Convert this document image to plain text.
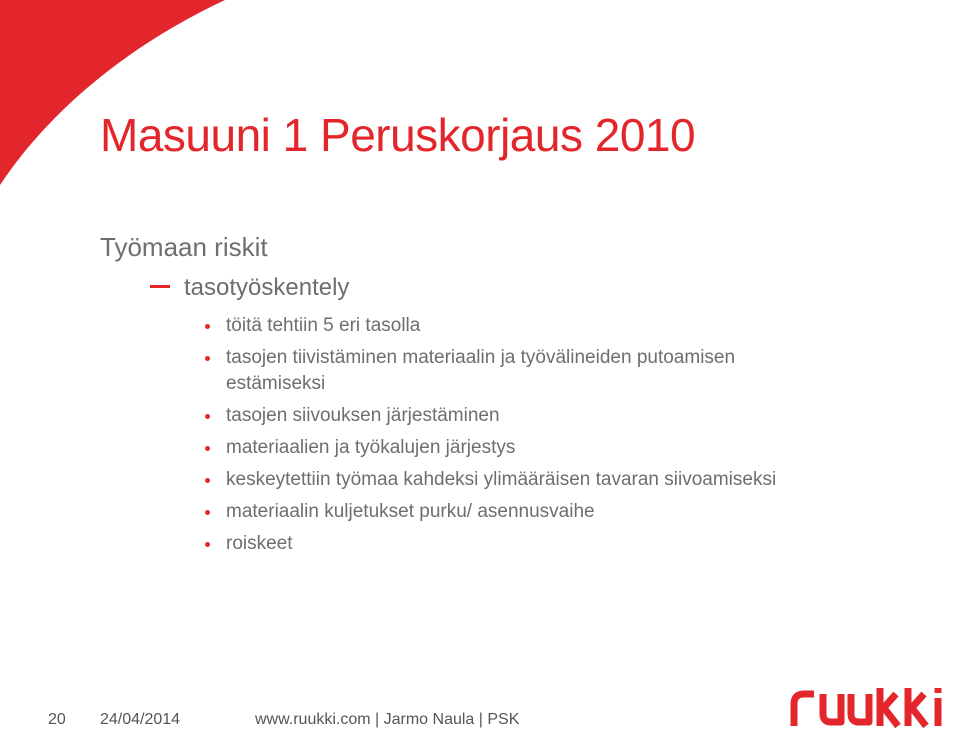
Masuuni 1 Peruskorjaus 2010
Työmaan riskit
tasotyöskentely
töitä tehtiin 5 eri tasolla
tasojen tiivistäminen materiaalin ja työvälineiden putoamisen estämiseksi
tasojen siivouksen järjestäminen
materiaalien ja työkalujen järjestys
keskeytettiin työmaa kahdeksi ylimääräisen tavaran siivoamiseksi
materiaalin kuljetukset purku/ asennusvaihe
roiskeet
20 24/04/2014	www.ruukki.com | Jarmo Naula | PSK
